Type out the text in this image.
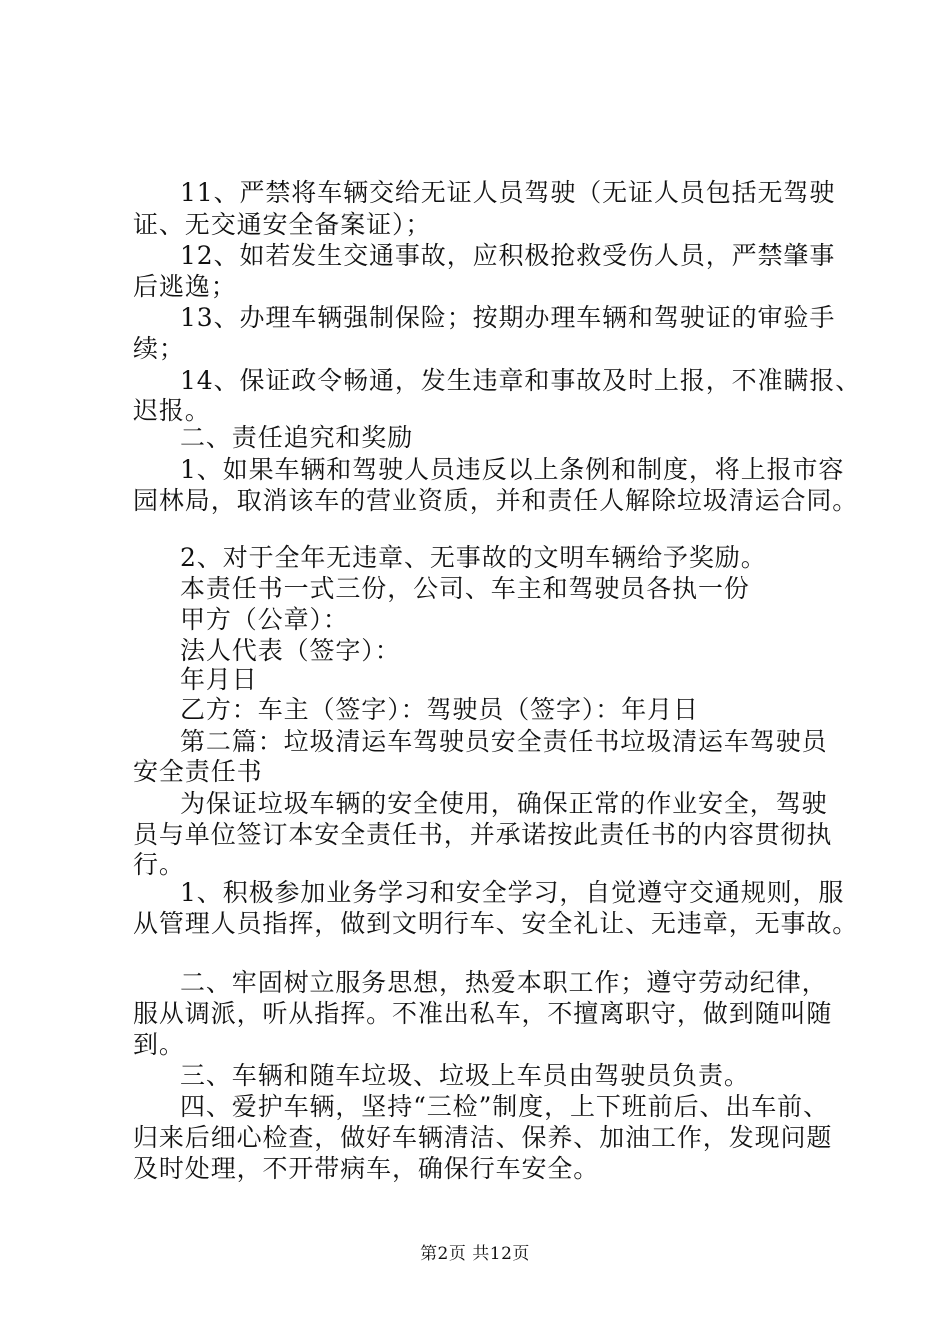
11、严禁将车辆交给无证人员驾驶（无证人员包括无驾驶

证、无交通安全备案证）；

12、如若发生交通事故，应积极抢救受伤人员，严禁肇事

后逃逸；

13、办理车辆强制保险；按期办理车辆和驾驶证的审验手

续；

14、保证政令畅通，发生违章和事故及时上报，不准瞒报、

迟报。

二、责任追究和奖励

1、如果车辆和驾驶人员违反以上条例和制度，将上报市容

园林局，取消该车的营业资质，并和责任人解除垃圾清运合同。

2、对于全年无违章、无事故的文明车辆给予奖励。

本责任书一式三份，公司、车主和驾驶员各执一份

甲方（公章）：

法人代表（签字）：

年月日

乙方：车主（签字）：驾驶员（签字）：年月日

第二篇：垃圾清运车驾驶员安全责任书垃圾清运车驾驶员

安全责任书

为保证垃圾车辆的安全使用，确保正常的作业安全，驾驶

员与单位签订本安全责任书，并承诺按此责任书的内容贯彻执

行。

1、积极参加业务学习和安全学习，自觉遵守交通规则，服

从管理人员指挥，做到文明行车、安全礼让、无违章，无事故。

二、牢固树立服务思想，热爱本职工作；遵守劳动纪律，

服从调派，听从指挥。不准出私车，不擅离职守，做到随叫随

到。

三、车辆和随车垃圾、垃圾上车员由驾驶员负责。

四、爱护车辆，坚持“三检”制度，上下班前后、出车前、

归来后细心检查，做好车辆清洁、保养、加油工作，发现问题

及时处理，不开带病车，确保行车安全。

第2页 共12页
